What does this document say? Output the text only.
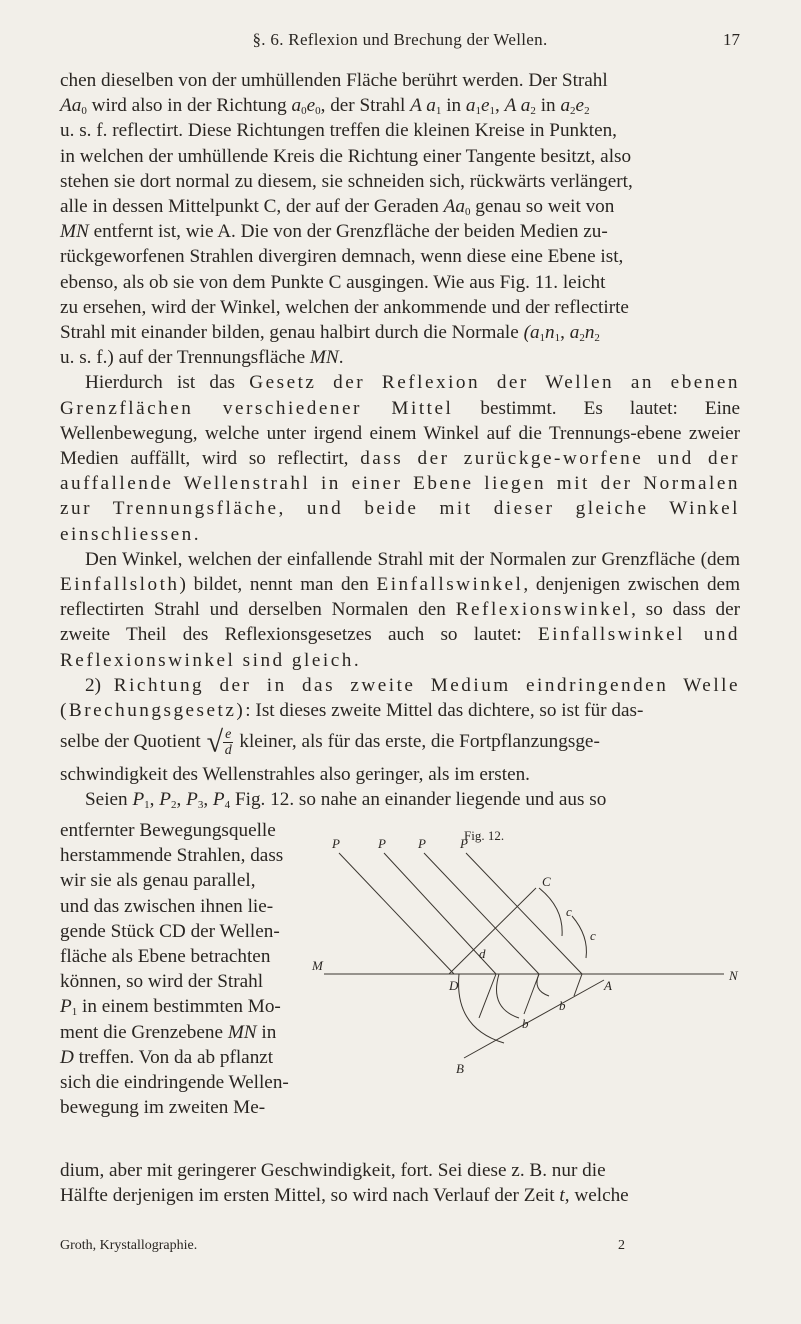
§. 6. Reflexion und Brechung der Wellen.	17

chen dieselben von der umhüllenden Fläche berührt werden. Der Strahl

$Aa_0$ wird also in der Richtung $a_0e_0$, der Strahl A $a_1$ in $a_1e_1$, A $a_2$ in $a_2e_2$

u. s. f. reflectirt. Diese Richtungen treffen die kleinen Kreise in Punkten,

in welchen der umhüllende Kreis die Richtung einer Tangente besitzt, also

stehen sie dort normal zu diesem, sie schneiden sich, rückwärts verlängert,

alle in dessen Mittelpunkt C, der auf der Geraden $Aa_0$ genau so weit von

MN entfernt ist, wie A. Die von der Grenzfläche der beiden Medien zu-

rückgeworfenen Strahlen divergiren demnach, wenn diese eine Ebene ist,

ebenso, als ob sie von dem Punkte C ausgingen. Wie aus Fig. 11. leicht

zu ersehen, wird der Winkel, welchen der ankommende und der reflectirte

Strahl mit einander bilden, genau halbirt durch die Normale ($a_1n_1$, $a_2n_2$

u. s. f.) auf der Trennungsfläche MN.

Hierdurch ist das Gesetz der Reflexion der Wellen an ebenen Grenzflächen verschiedener Mittel bestimmt. Es lautet: Eine Wellenbewegung, welche unter irgend einem Winkel auf die Trennungs-ebene zweier Medien auffällt, wird so reflectirt, dass der zurückge-worfene und der auffallende Wellenstrahl in einer Ebene liegen mit der Normalen zur Trennungsfläche, und beide mit dieser gleiche Winkel einschliessen.

Den Winkel, welchen der einfallende Strahl mit der Normalen zur Grenzfläche (dem Einfallsloth) bildet, nennt man den Einfallswinkel, denjenigen zwischen dem reflectirten Strahl und derselben Normalen den Reflexionswinkel, so dass der zweite Theil des Reflexionsgesetzes auch so lautet: Einfallswinkel und Reflexionswinkel sind gleich.

2) Richtung der in das zweite Medium eindringenden Welle (Brechungsgesetz): Ist dieses zweite Mittel das dichtere, so ist für das-

selbe der Quotient √ $\frac{e}{d}$ kleiner, als für das erste, die Fortpflanzungsge-

schwindigkeit des Wellenstrahles also geringer, als im ersten.

Seien $P_1$, $P_2$, $P_3$, $P_4$ Fig. 12. so nahe an einander liegende und aus so

entfernter Bewegungsquelle
herstammende Strahlen, dass
wir sie als genau parallel,
und das zwischen ihnen lie-
gende Stück CD der Wellen-
fläche als Ebene betrachten
können, so wird der Strahl
$P_1$ in einem bestimmten Mo-
ment die Grenzebene MN in
D treffen. Von da ab pflanzt
sich die eindringende Wellen-
bewegung im zweiten Me-
Fig. 12.
P	P P	P
C
c
c
M
N
D	A
B
b
b
d
dium, aber mit geringerer Geschwindigkeit, fort. Sei diese z. B. nur die
Hälfte derjenigen im ersten Mittel, so wird nach Verlauf der Zeit t, welche
Groth, Krystallographie.	2
